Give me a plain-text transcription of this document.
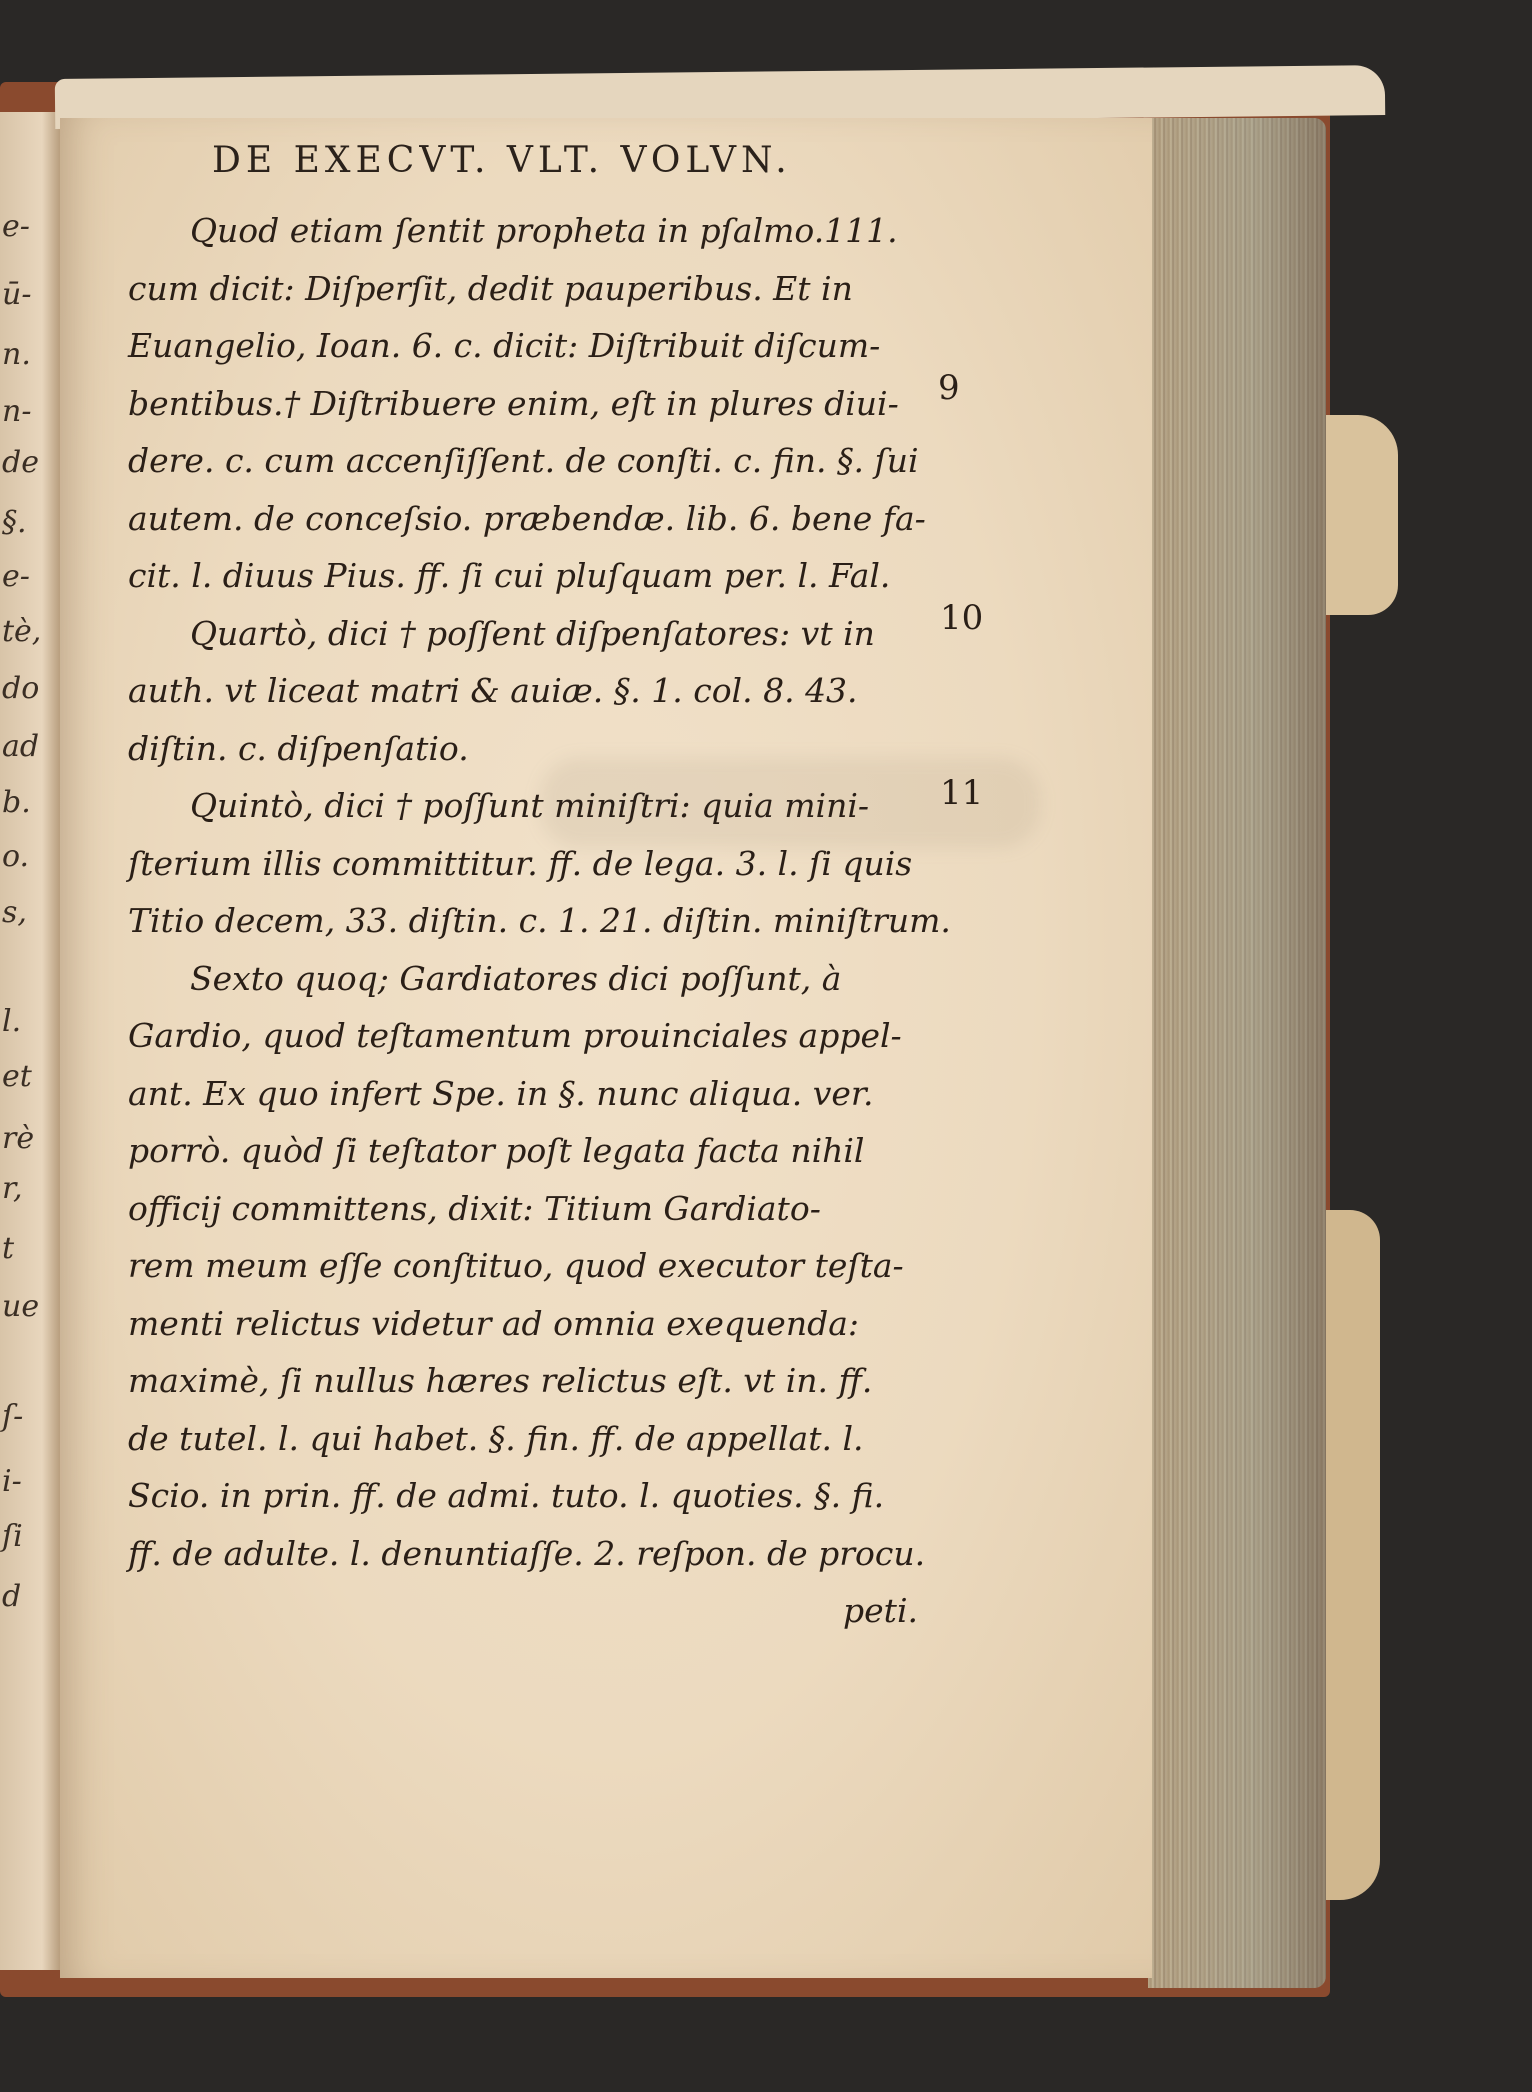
e-
ū-
n.
n-
de
§.
e-
tè,
do
ad
b.
o.
s,
l.
et
rè
r,
t
ue
ſ-
i-
ſi
d
DE EXECVT. VLT. VOLVN.
Quod etiam ſentit propheta in pſalmo.111.
cum dicit: Diſperſit, dedit pauperibus. Et in
Euangelio, Ioan. 6. c. dicit: Diſtribuit diſcum-
bentibus.† Diſtribuere enim, eſt in plures diui-
dere. c. cum accenſiſſent. de conſti. c. fin. §. ſui
autem. de conceſsio. præbendæ. lib. 6. bene fa-
cit. l. diuus Pius. ff. ſi cui pluſquam per. l. Fal.
Quartò, dici † poſſent diſpenſatores: vt in
auth. vt liceat matri & auiæ. §. 1. col. 8. 43.
diſtin. c. diſpenſatio.
Quintò, dici † poſſunt miniſtri: quia mini-
ſterium illis committitur. ff. de lega. 3. l. ſi quis
Titio decem, 33. diſtin. c. 1. 21. diſtin. miniſtrum.
Sexto quoq; Gardiatores dici poſſunt, à
Gardio, quod teſtamentum prouinciales appel-
ant. Ex quo infert Spe. in §. nunc aliqua. ver.
porrò. quòd ſi teſtator poſt legata facta nihil
officij committens, dixit: Titium Gardiato-
rem meum eſſe conſtituo, quod executor teſta-
menti relictus videtur ad omnia exequenda:
maximè, ſi nullus hæres relictus eſt. vt in. ff.
de tutel. l. qui habet. §. fin. ff. de appellat. l.
Scio. in prin. ff. de admi. tuto. l. quoties. §. fi.
ff. de adulte. l. denuntiaſſe. 2. reſpon. de procu.
peti.
9
10
11
